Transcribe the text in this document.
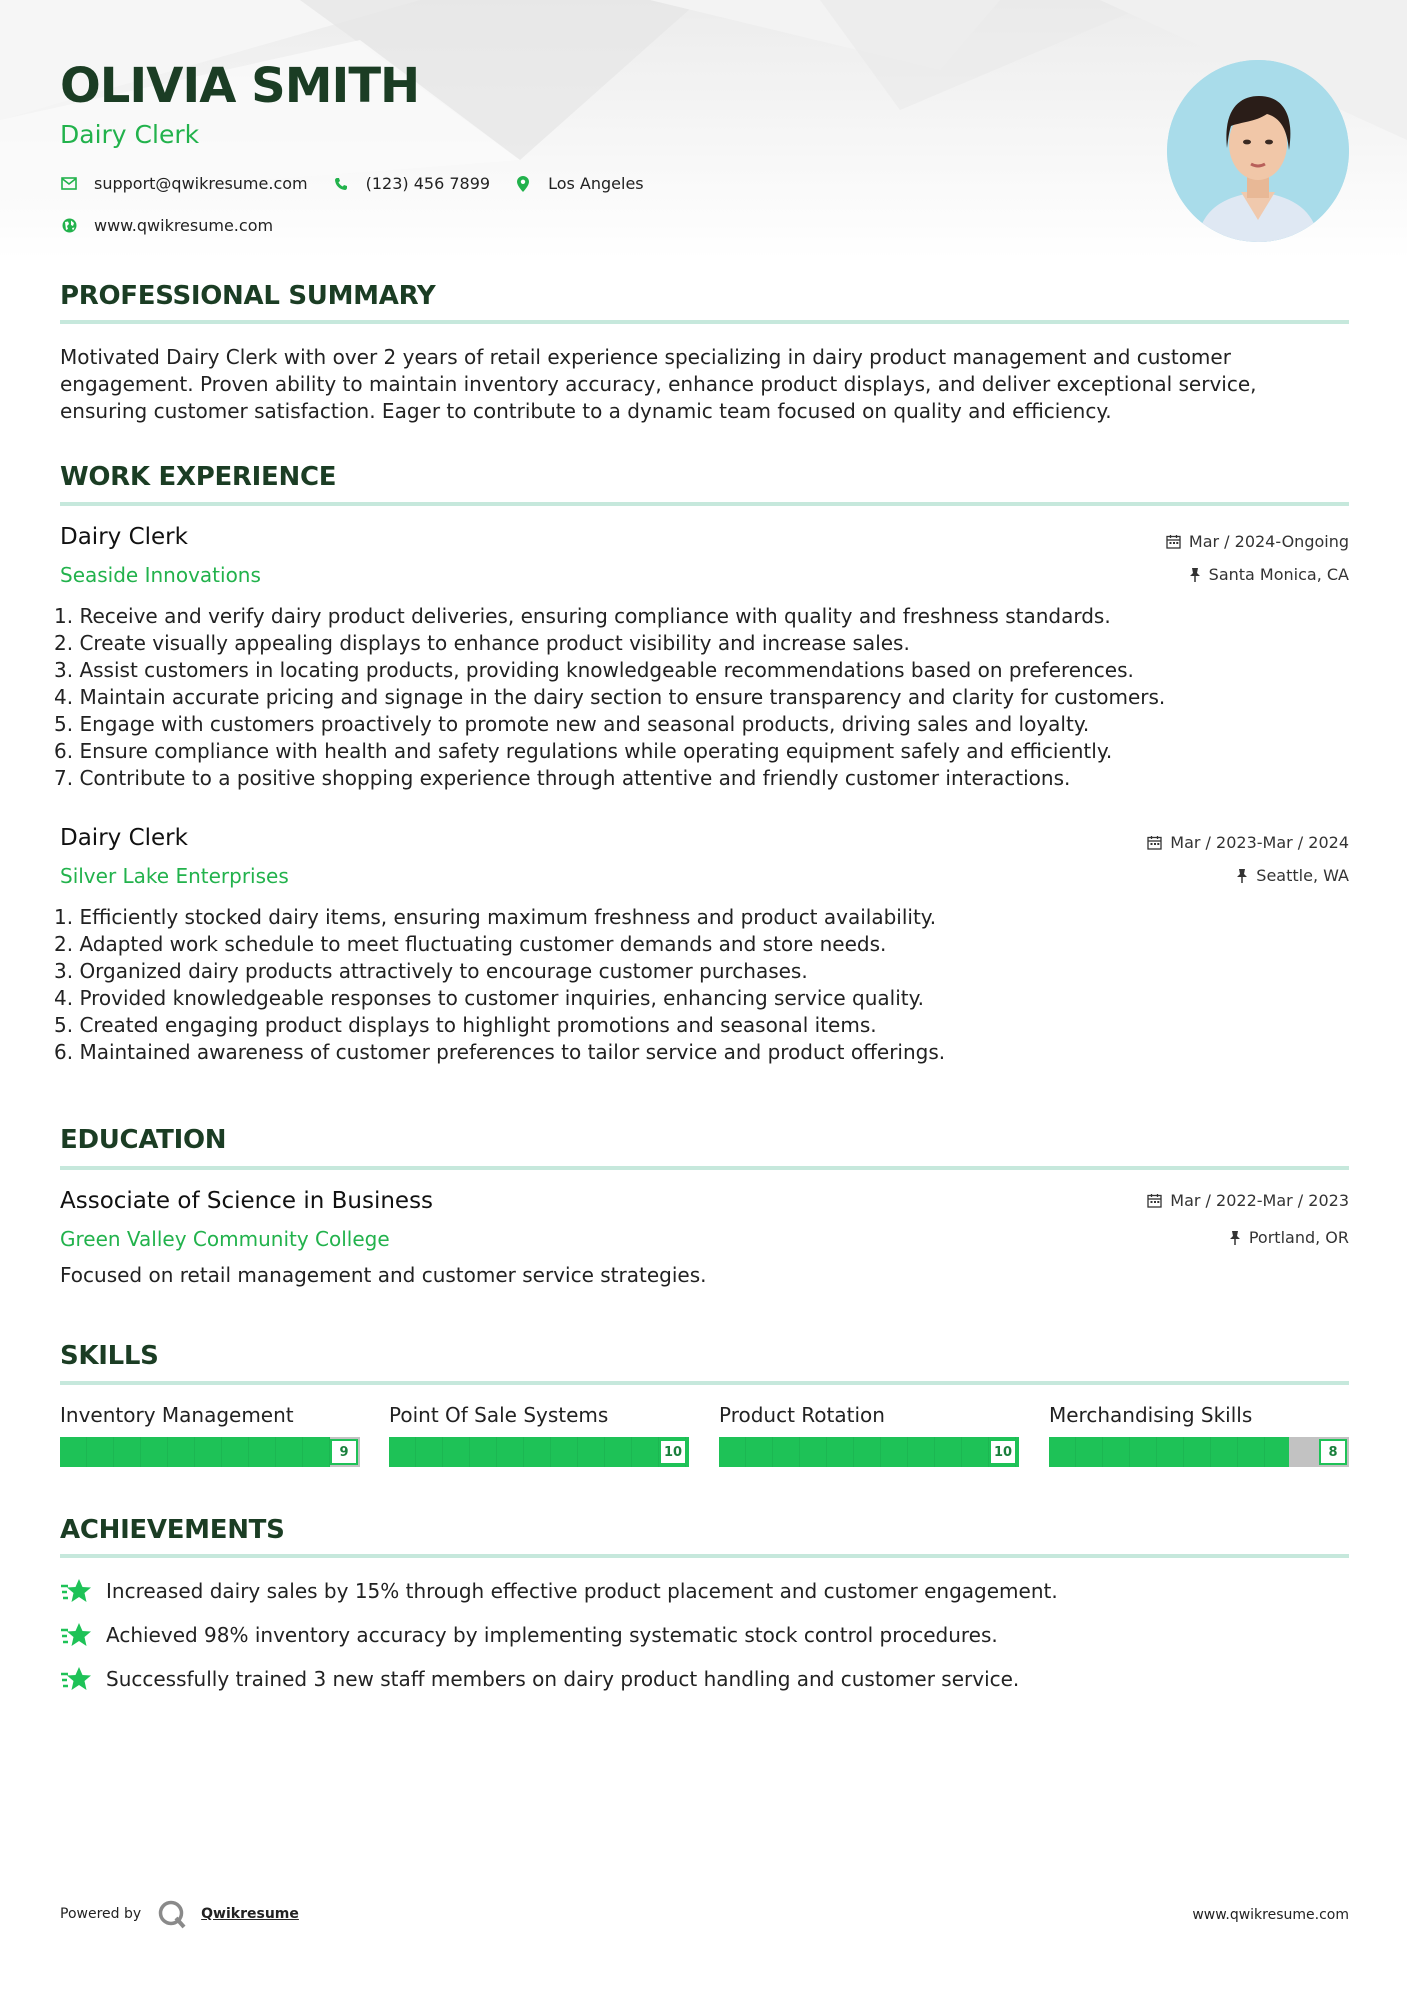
OLIVIA SMITH
Dairy Clerk
support@qwikresume.com	(123) 456 7899	Los Angeles
www.qwikresume.com
PROFESSIONAL SUMMARY
Motivated Dairy Clerk with over 2 years of retail experience specializing in dairy product management and customer engagement. Proven ability to maintain inventory accuracy, enhance product displays, and deliver exceptional service, ensuring customer satisfaction. Eager to contribute to a dynamic team focused on quality and efficiency.
WORK EXPERIENCE
Dairy Clerk
Seaside Innovations
Mar / 2024-Ongoing
Santa Monica, CA
1. Receive and verify dairy product deliveries, ensuring compliance with quality and freshness standards.
2. Create visually appealing displays to enhance product visibility and increase sales.
3. Assist customers in locating products, providing knowledgeable recommendations based on preferences.
4. Maintain accurate pricing and signage in the dairy section to ensure transparency and clarity for customers.
5. Engage with customers proactively to promote new and seasonal products, driving sales and loyalty.
6. Ensure compliance with health and safety regulations while operating equipment safely and efficiently.
7. Contribute to a positive shopping experience through attentive and friendly customer interactions.
Dairy Clerk
Silver Lake Enterprises
Mar / 2023-Mar / 2024
Seattle, WA
1. Efficiently stocked dairy items, ensuring maximum freshness and product availability.
2. Adapted work schedule to meet fluctuating customer demands and store needs.
3. Organized dairy products attractively to encourage customer purchases.
4. Provided knowledgeable responses to customer inquiries, enhancing service quality.
5. Created engaging product displays to highlight promotions and seasonal items.
6. Maintained awareness of customer preferences to tailor service and product offerings.
EDUCATION
Associate of Science in Business
Green Valley Community College
Mar / 2022-Mar / 2023
Portland, OR
Focused on retail management and customer service strategies.
SKILLS
Inventory Management
9
Point Of Sale Systems
10
Product Rotation
10
Merchandising Skills
8
ACHIEVEMENTS
Increased dairy sales by 15% through effective product placement and customer engagement.
Achieved 98% inventory accuracy by implementing systematic stock control procedures.
Successfully trained 3 new staff members on dairy product handling and customer service.
Powered by	Qwikresume	www.qwikresume.com
